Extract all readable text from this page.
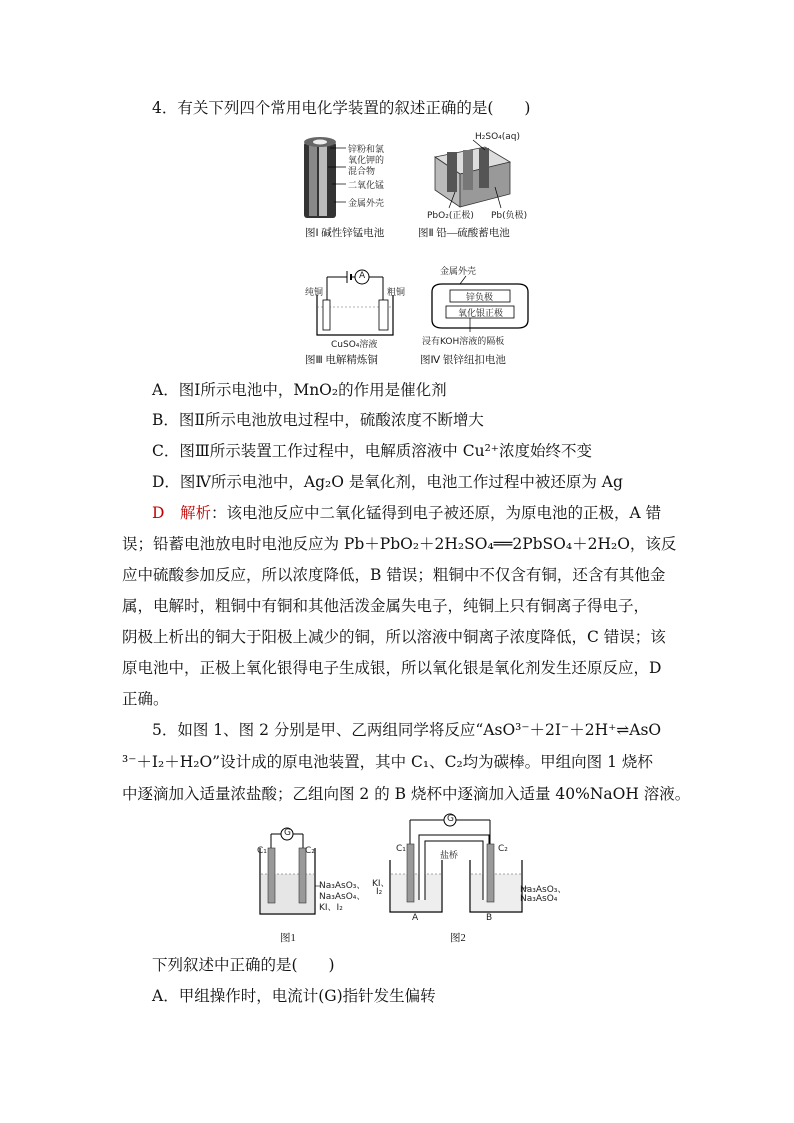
4．有关下列四个常用电化学装置的叙述正确的是(　　)
锌粉和氯
氧化钾的
混合物
二氧化锰
金属外壳
图Ⅰ 碱性锌锰电池
H₂SO₄(aq)
PbO₂(正极) Pb(负极)
图Ⅱ 铅—硫酸蓄电池
A
纯铜	粗铜
CuSO₄溶液
图Ⅲ 电解精炼铜
金属外壳
锌负极
氧化银正极
浸有KOH溶液的隔板
图Ⅳ 银锌纽扣电池
A．图Ⅰ所示电池中，MnO₂的作用是催化剂
B．图Ⅱ所示电池放电过程中，硫酸浓度不断增大
C．图Ⅲ所示装置工作过程中，电解质溶液中 Cu²⁺浓度始终不变
D．图Ⅳ所示电池中，Ag₂O 是氧化剂，电池工作过程中被还原为 Ag
D　 解析：该电池反应中二氧化锰得到电子被还原，为原电池的正极，A 错
误；铅蓄电池放电时电池反应为 Pb＋PbO₂＋2H₂SO₄══2PbSO₄＋2H₂O，该反
应中硫酸参加反应，所以浓度降低，B 错误；粗铜中不仅含有铜，还含有其他金
属，电解时，粗铜中有铜和其他活泼金属失电子，纯铜上只有铜离子得电子，
阴极上析出的铜大于阳极上减少的铜，所以溶液中铜离子浓度降低，C 错误；该
原电池中，正极上氧化银得电子生成银，所以氧化银是氧化剂发生还原反应，D
正确。
5．如图 1、图 2 分别是甲、乙两组同学将反应“AsO³⁻＋2I⁻＋2H⁺⇌AsO
³⁻＋I₂＋H₂O”设计成的原电池装置，其中 C₁、C₂均为碳棒。甲组向图 1 烧杯
中逐滴加入适量浓盐酸；乙组向图 2 的 B 烧杯中逐滴加入适量 40%NaOH 溶液。
G
C₁	C₂
Na₃AsO₃、
Na₃AsO₄、
KI、I₂
图1
G
盐桥
C₁	C₂
KI、
I₂	Na₃AsO₃、
Na₃AsO₄
A	B
图2
下列叙述中正确的是(　　)
A．甲组操作时，电流计(G)指针发生偏转
